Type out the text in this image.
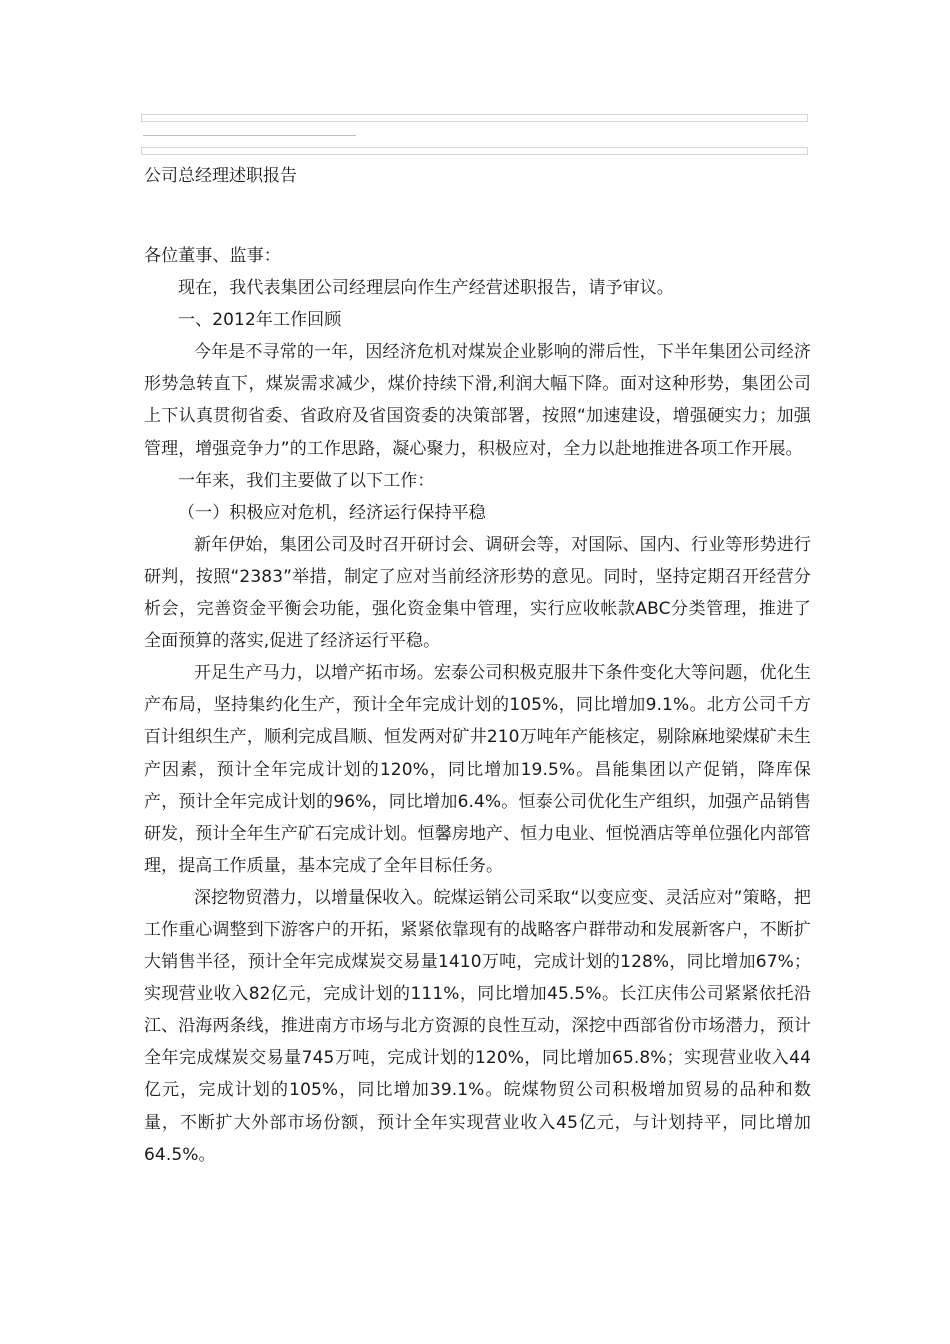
公司总经理述职报告

各位董事、监事：

现在，我代表集团公司经理层向作生产经营述职报告，请予审议。

一、2012年工作回顾

今年是不寻常的一年，因经济危机对煤炭企业影响的滞后性，下半年集团公司经济形势急转直下，煤炭需求减少，煤价持续下滑,利润大幅下降。面对这种形势，集团公司上下认真贯彻省委、省政府及省国资委的决策部署，按照“加速建设，增强硬实力；加强管理，增强竞争力”的工作思路，凝心聚力，积极应对，全力以赴地推进各项工作开展。

一年来，我们主要做了以下工作：

（一）积极应对危机，经济运行保持平稳

新年伊始，集团公司及时召开研讨会、调研会等，对国际、国内、行业等形势进行研判，按照“2383”举措，制定了应对当前经济形势的意见。同时，坚持定期召开经营分析会，完善资金平衡会功能，强化资金集中管理，实行应收帐款ABC分类管理，推进了全面预算的落实,促进了经济运行平稳。

开足生产马力，以增产拓市场。宏泰公司积极克服井下条件变化大等问题，优化生产布局，坚持集约化生产，预计全年完成计划的105%，同比增加9.1%。北方公司千方百计组织生产，顺利完成昌顺、恒发两对矿井210万吨年产能核定，剔除麻地梁煤矿未生产因素，预计全年完成计划的120%，同比增加19.5%。昌能集团以产促销，降库保产，预计全年完成计划的96%，同比增加6.4%。恒泰公司优化生产组织，加强产品销售研发，预计全年生产矿石完成计划。恒馨房地产、恒力电业、恒悦酒店等单位强化内部管理，提高工作质量，基本完成了全年目标任务。

深挖物贸潜力，以增量保收入。皖煤运销公司采取“以变应变、灵活应对”策略，把工作重心调整到下游客户的开拓，紧紧依靠现有的战略客户群带动和发展新客户，不断扩大销售半径，预计全年完成煤炭交易量1410万吨，完成计划的128%，同比增加67%；实现营业收入82亿元，完成计划的111%，同比增加45.5%。长江庆伟公司紧紧依托沿江、沿海两条线，推进南方市场与北方资源的良性互动，深挖中西部省份市场潜力，预计全年完成煤炭交易量745万吨，完成计划的120%，同比增加65.8%；实现营业收入44亿元，完成计划的105%，同比增加39.1%。皖煤物贸公司积极增加贸易的品种和数量，不断扩大外部市场份额，预计全年实现营业收入45亿元，与计划持平，同比增加64.5%。
